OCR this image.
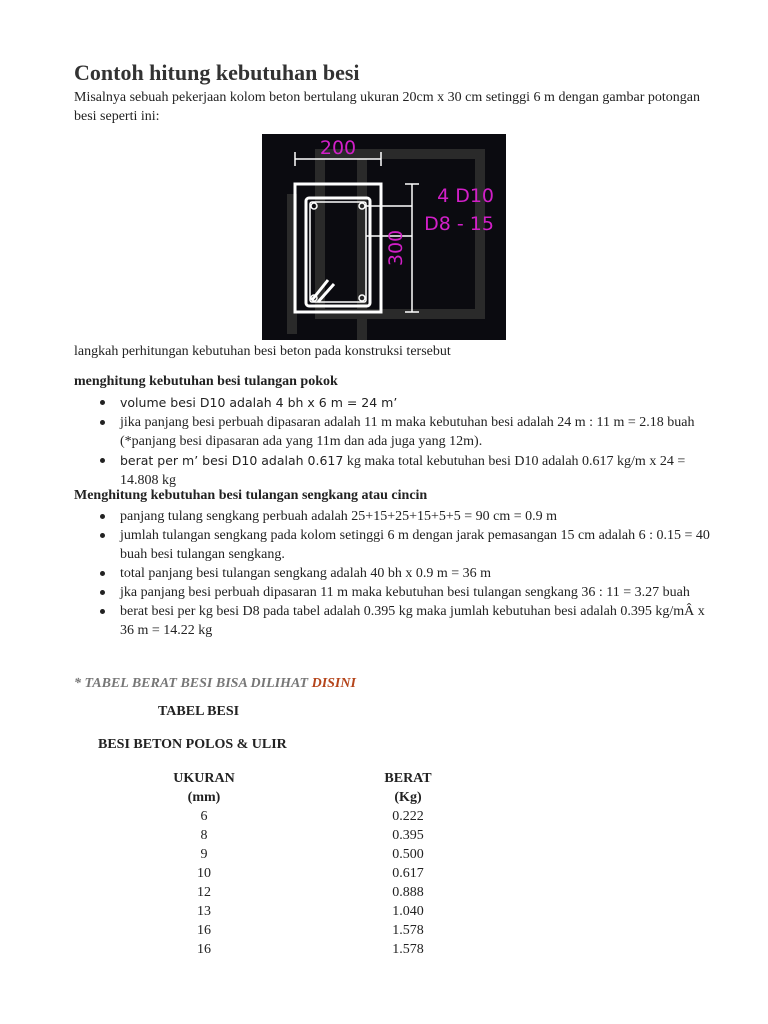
Contoh hitung kebutuhan besi

Misalnya sebuah pekerjaan kolom beton bertulang ukuran 20cm x 30 cm setinggi 6 m dengan gambar potongan besi seperti ini:

200
300
4 D10
D8 - 15

langkah perhitungan kebutuhan besi beton pada konstruksi tersebut

menghitung kebutuhan besi tulangan pokok

volume besi D10 adalah 4 bh x 6 m = 24 m’
jika panjang besi perbuah dipasaran adalah 11 m maka kebutuhan besi adalah 24 m : 11 m = 2.18 buah (*panjang besi dipasaran ada yang 11m dan ada juga yang 12m).
berat per m’ besi D10 adalah 0.617 kg maka total kebutuhan besi D10 adalah 0.617 kg/m x 24 = 14.808 kg

Menghitung kebutuhan besi tulangan sengkang atau cincin

panjang tulang sengkang perbuah adalah 25+15+25+15+5+5 = 90 cm = 0.9 m
jumlah tulangan sengkang pada kolom setinggi 6 m dengan jarak pemasangan 15 cm adalah 6 : 0.15 = 40 buah besi tulangan sengkang.
total panjang besi tulangan sengkang adalah 40 bh x 0.9 m = 36 m
jka panjang besi perbuah dipasaran 11 m maka kebutuhan besi tulangan sengkang 36 : 11 = 3.27 buah
berat besi per kg besi D8 pada tabel adalah 0.395 kg maka jumlah kebutuhan besi adalah 0.395 kg/mÂ x 36 m = 14.22 kg

* TABEL BERAT BESI BISA DILIHAT DISINI

TABEL BESI

BESI BETON POLOS & ULIR

UKURAN
(mm)
6
8
9
10
12
13
16
16
BERAT
(Kg)
0.222
0.395
0.500
0.617
0.888
1.040
1.578
1.578
